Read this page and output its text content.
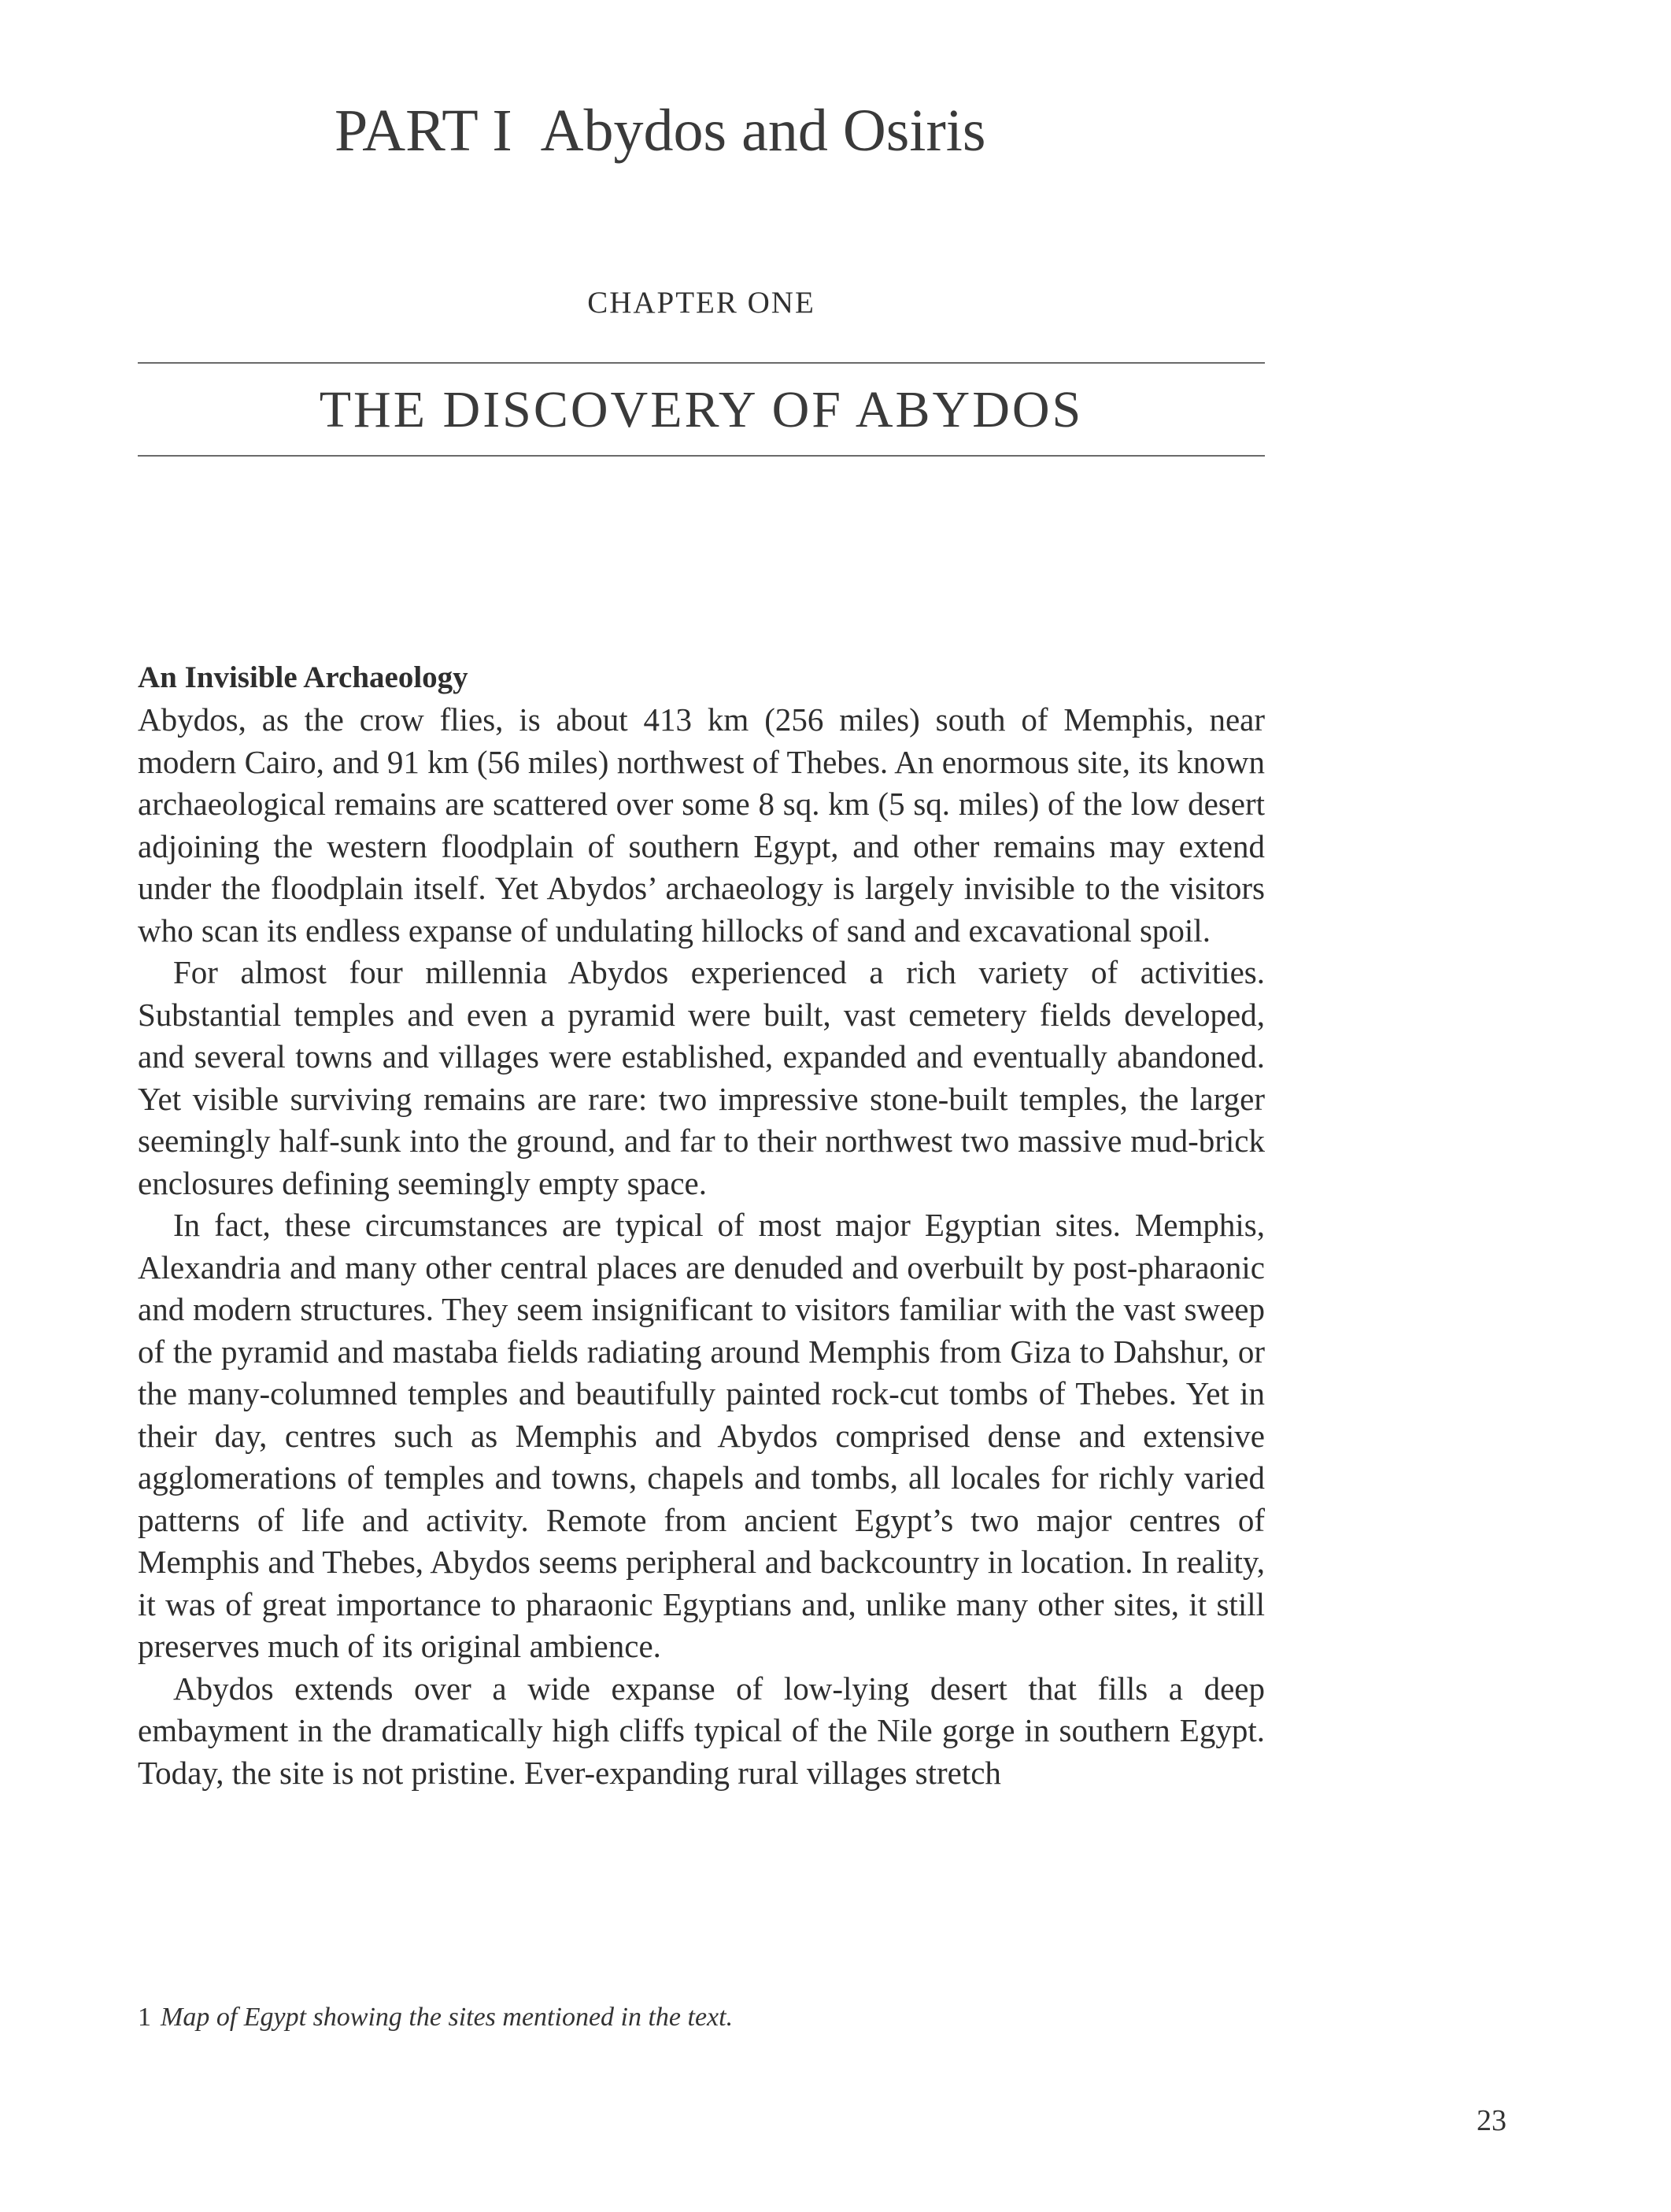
PART I Abydos and Osiris
CHAPTER ONE
THE DISCOVERY OF ABYDOS
An Invisible Archaeology

Abydos, as the crow flies, is about 413 km (256 miles) south of Memphis, near modern Cairo, and 91 km (56 miles) northwest of Thebes. An enormous site, its known archaeological remains are scattered over some 8 sq. km (5 sq. miles) of the low desert adjoining the western floodplain of southern Egypt, and other remains may extend under the floodplain itself. Yet Abydos’ archaeology is largely invisible to the visitors who scan its endless expanse of undulating hillocks of sand and excavational spoil.

For almost four millennia Abydos experienced a rich variety of activities. Substantial temples and even a pyramid were built, vast cemetery fields developed, and several towns and villages were established, expanded and eventually abandoned. Yet visible surviving remains are rare: two impressive stone-built temples, the larger seemingly half-sunk into the ground, and far to their northwest two massive mud-brick enclosures defining seemingly empty space.

In fact, these circumstances are typical of most major Egyptian sites. Memphis, Alexandria and many other central places are denuded and overbuilt by post-pharaonic and modern structures. They seem insignificant to visitors familiar with the vast sweep of the pyramid and mastaba fields radiating around Memphis from Giza to Dahshur, or the many-columned temples and beautifully painted rock-cut tombs of Thebes. Yet in their day, centres such as Memphis and Abydos comprised dense and extensive agglomerations of temples and towns, chapels and tombs, all locales for richly varied patterns of life and activity. Remote from ancient Egypt’s two major centres of Memphis and Thebes, Abydos seems peripheral and backcountry in location. In reality, it was of great importance to pharaonic Egyptians and, unlike many other sites, it still preserves much of its original ambience.

Abydos extends over a wide expanse of low-lying desert that fills a deep embayment in the dramatically high cliffs typical of the Nile gorge in southern Egypt. Today, the site is not pristine. Ever-expanding rural villages stretch

1 Map of Egypt showing the sites mentioned in the text.
23
